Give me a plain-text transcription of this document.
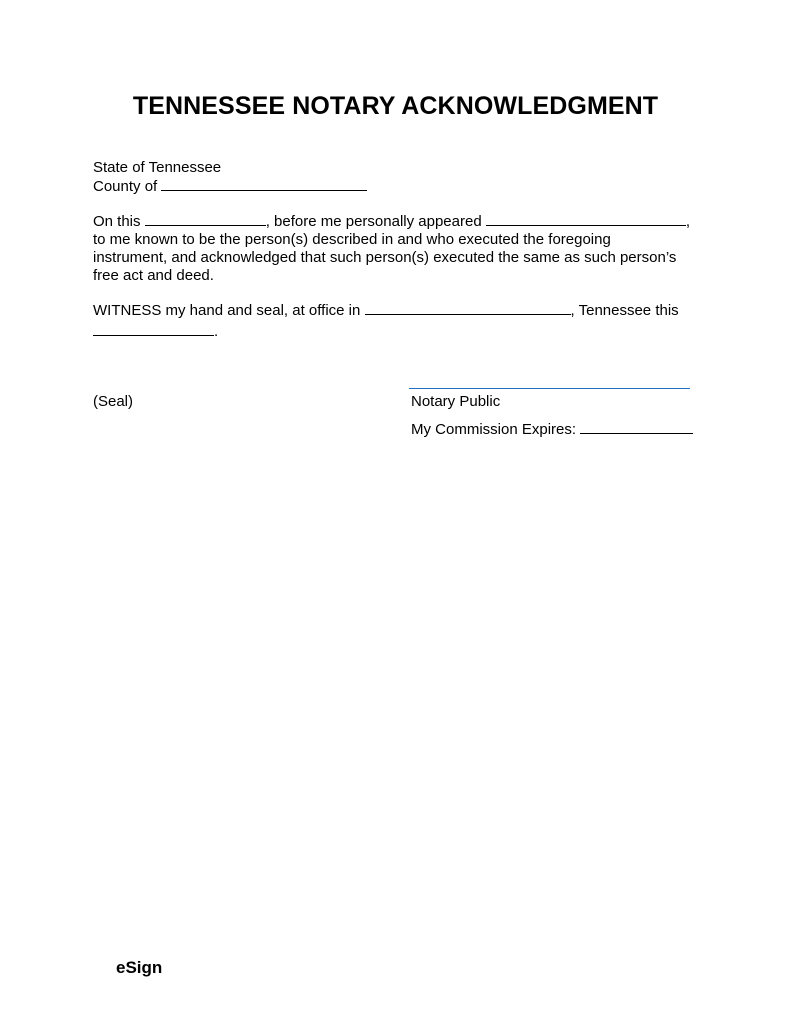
TENNESSEE NOTARY ACKNOWLEDGMENT
State of Tennessee
County of
On this	, before me personally appeared	,
to me known to be the person(s) described in and who executed the foregoing
instrument, and acknowledged that such person(s) executed the same as such person’s
free act and deed.
WITNESS my hand and seal, at office in	, Tennessee this
.
(Seal)	Notary Public
My Commission Expires:
eSign
